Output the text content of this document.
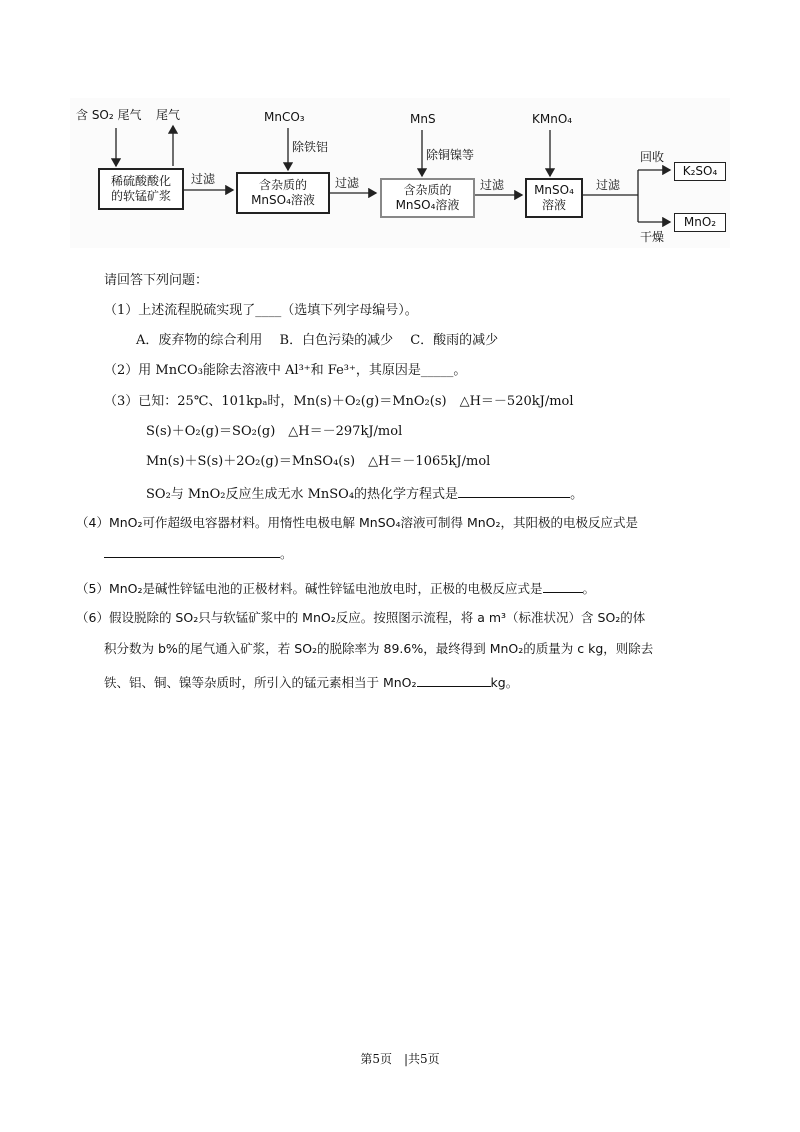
含 SO₂ 尾气 尾气
稀硫酸酸化
的软锰矿浆
过滤
MnCO₃
除铁铝
含杂质的
MnSO₄溶液
过滤
MnS
除铜镍等
含杂质的
MnSO₄溶液
过滤
KMnO₄
MnSO₄
溶液
过滤
回收
干燥
K₂SO₄
MnO₂
请回答下列问题：
（1）上述流程脱硫实现了____（选填下列字母编号）。
A．废弃物的综合利用　 B．白色污染的减少　 C．酸雨的减少
（2）用 MnCO₃能除去溶液中 Al³⁺和 Fe³⁺，其原因是_____。
（3）已知：25℃、101kpₐ时，Mn(s)＋O₂(g)＝MnO₂(s)　△H＝－520kJ/mol
S(s)＋O₂(g)＝SO₂(g)　△H＝－297kJ/mol
Mn(s)＋S(s)＋2O₂(g)＝MnSO₄(s)　△H＝－1065kJ/mol
SO₂与 MnO₂反应生成无水 MnSO₄的热化学方程式是	。
（4）MnO₂可作超级电容器材料。用惰性电极电解 MnSO₄溶液可制得 MnO₂，其阳极的电极反应式是
。
（5）MnO₂是碱性锌锰电池的正极材料。碱性锌锰电池放电时，正极的电极反应式是	。
（6）假设脱除的 SO₂只与软锰矿浆中的 MnO₂反应。按照图示流程，将 a m³（标准状况）含 SO₂的体
积分数为 b%的尾气通入矿浆，若 SO₂的脱除率为 89.6%，最终得到 MnO₂的质量为 c kg，则除去
铁、铝、铜、镍等杂质时，所引入的锰元素相当于 MnO₂	kg。
第5页　|共5页
